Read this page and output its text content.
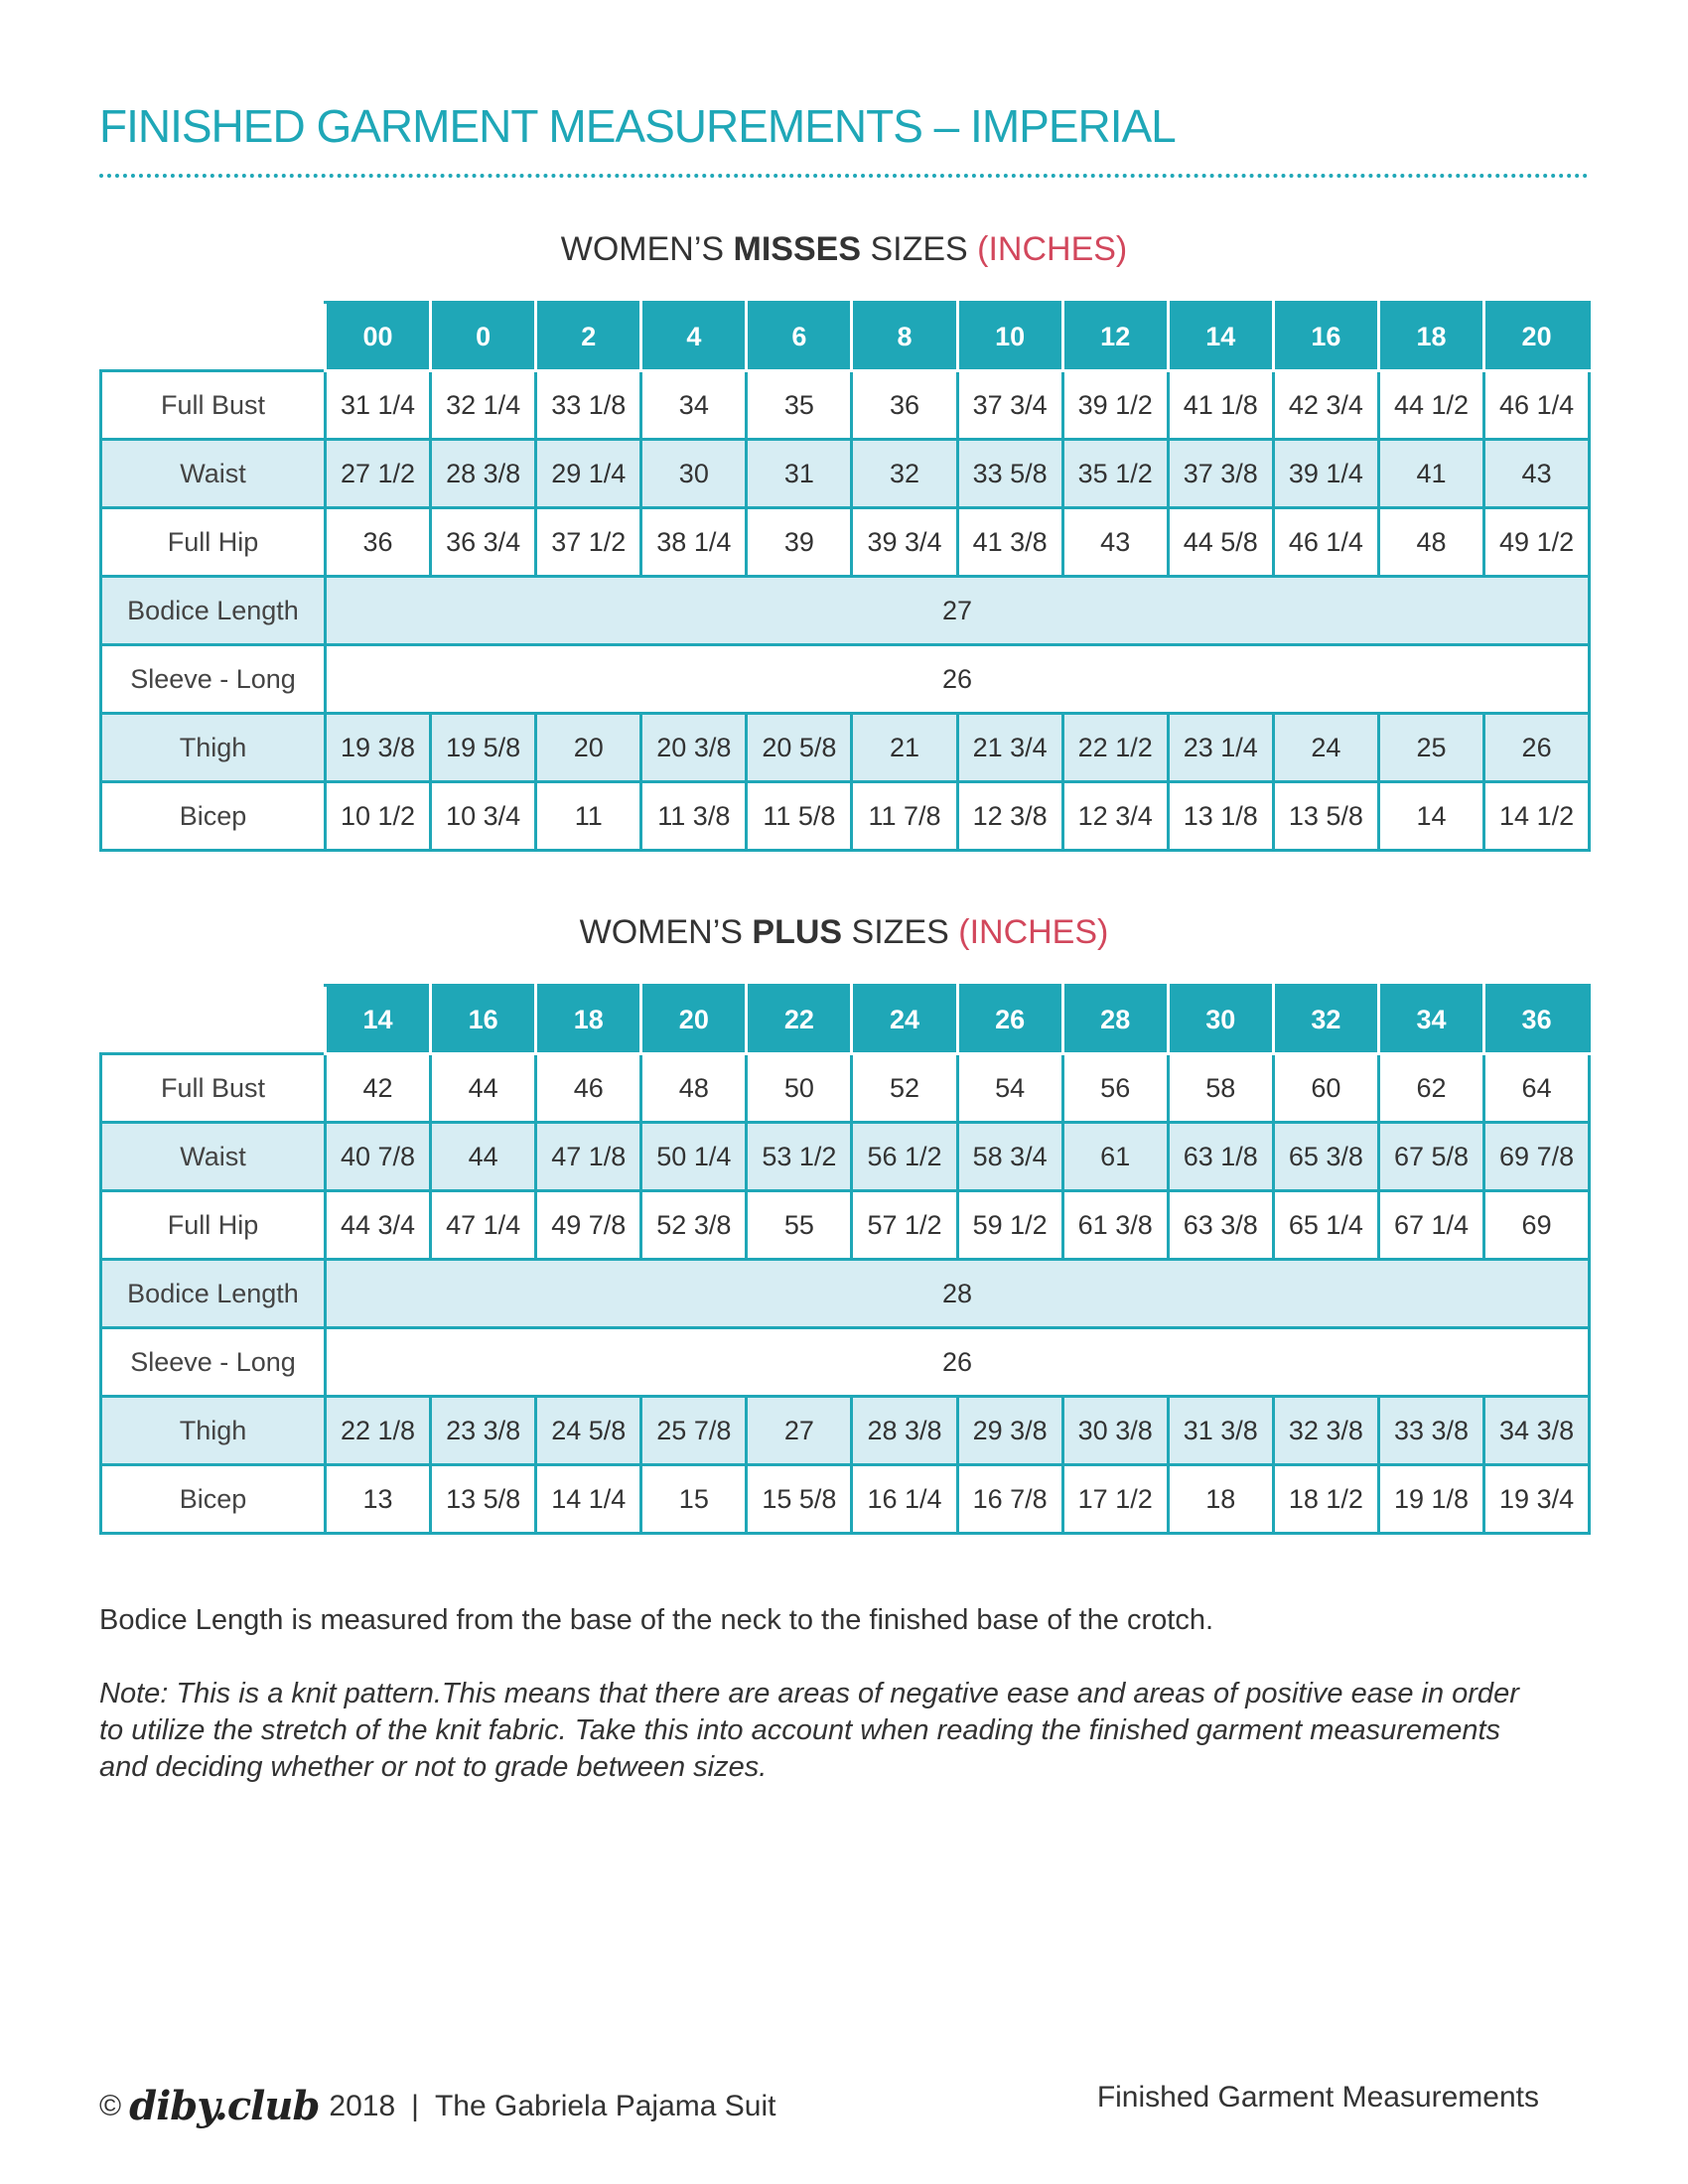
FINISHED GARMENT MEASUREMENTS – IMPERIAL
WOMEN’S MISSES SIZES (INCHES)
	00	0	2	4	6	8	10	12	14	16	18	20
Full Bust	31 1/4	32 1/4	33 1/8	34	35	36	37 3/4	39 1/2	41 1/8	42 3/4	44 1/2	46 1/4
Waist	27 1/2	28 3/8	29 1/4	30	31	32	33 5/8	35 1/2	37 3/8	39 1/4	41	43
Full Hip	36	36 3/4	37 1/2	38 1/4	39	39 3/4	41 3/8	43	44 5/8	46 1/4	48	49 1/2
Bodice Length	27											
Sleeve - Long	26											
Thigh	19 3/8	19 5/8	20	20 3/8	20 5/8	21	21 3/4	22 1/2	23 1/4	24	25	26
Bicep	10 1/2	10 3/4	11	11 3/8	11 5/8	11 7/8	12 3/8	12 3/4	13 1/8	13 5/8	14	14 1/2
WOMEN’S PLUS SIZES (INCHES)
	14	16	18	20	22	24	26	28	30	32	34	36
Full Bust	42	44	46	48	50	52	54	56	58	60	62	64
Waist	40 7/8	44	47 1/8	50 1/4	53 1/2	56 1/2	58 3/4	61	63 1/8	65 3/8	67 5/8	69 7/8
Full Hip	44 3/4	47 1/4	49 7/8	52 3/8	55	57 1/2	59 1/2	61 3/8	63 3/8	65 1/4	67 1/4	69
Bodice Length	28											
Sleeve - Long	26											
Thigh	22 1/8	23 3/8	24 5/8	25 7/8	27	28 3/8	29 3/8	30 3/8	31 3/8	32 3/8	33 3/8	34 3/8
Bicep	13	13 5/8	14 1/4	15	15 5/8	16 1/4	16 7/8	17 1/2	18	18 1/2	19 1/8	19 3/4
Bodice Length is measured from the base of the neck to the finished base of the crotch.
Note: This is a knit pattern.This means that there are areas of negative ease and areas of positive ease in order
to utilize the stretch of the knit fabric. Take this into account when reading the finished garment measurements
and deciding whether or not to grade between sizes.
© diby.club 2018 | The Gabriela Pajama Suit	Finished Garment Measurements
